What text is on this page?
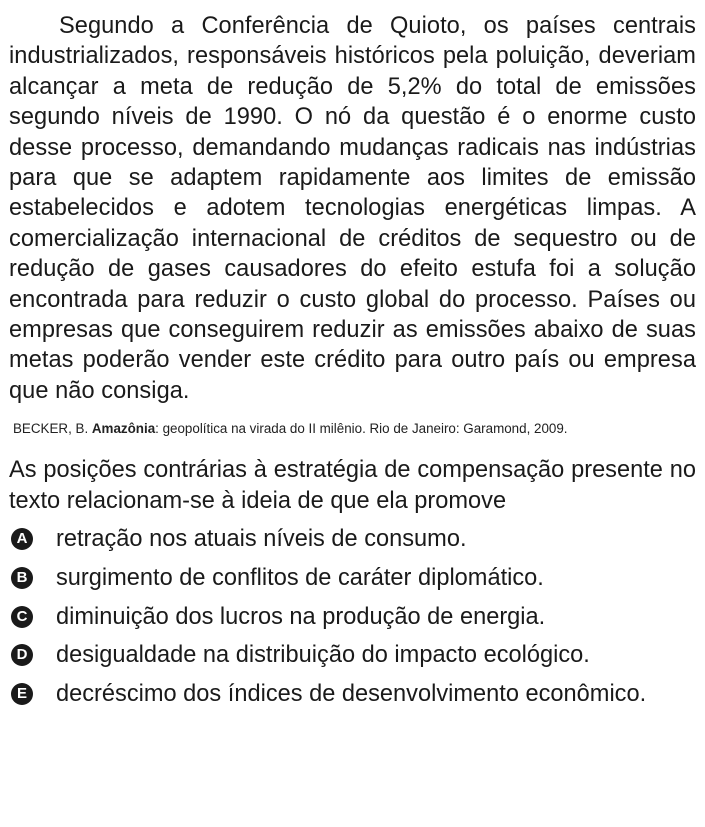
Segundo a Conferência de Quioto, os países centrais industrializados, responsáveis históricos pela poluição, deveriam alcançar a meta de redução de 5,2% do total de emissões segundo níveis de 1990. O nó da questão é o enorme custo desse processo, demandando mudanças radicais nas indústrias para que se adaptem rapidamente aos limites de emissão estabelecidos e adotem tecnologias energéticas limpas. A comercialização internacional de créditos de sequestro ou de redução de gases causadores do efeito estufa foi a solução encontrada para reduzir o custo global do processo. Países ou empresas que conseguirem reduzir as emissões abaixo de suas metas poderão vender este crédito para outro país ou empresa que não consiga.

BECKER, B. Amazônia: geopolítica na virada do II milênio. Rio de Janeiro: Garamond, 2009.

As posições contrárias à estratégia de compensação presente no texto relacionam-se à ideia de que ela promove

A retração nos atuais níveis de consumo.
B surgimento de conflitos de caráter diplomático.
C diminuição dos lucros na produção de energia.
D desigualdade na distribuição do impacto ecológico.
E decréscimo dos índices de desenvolvimento econômico.
